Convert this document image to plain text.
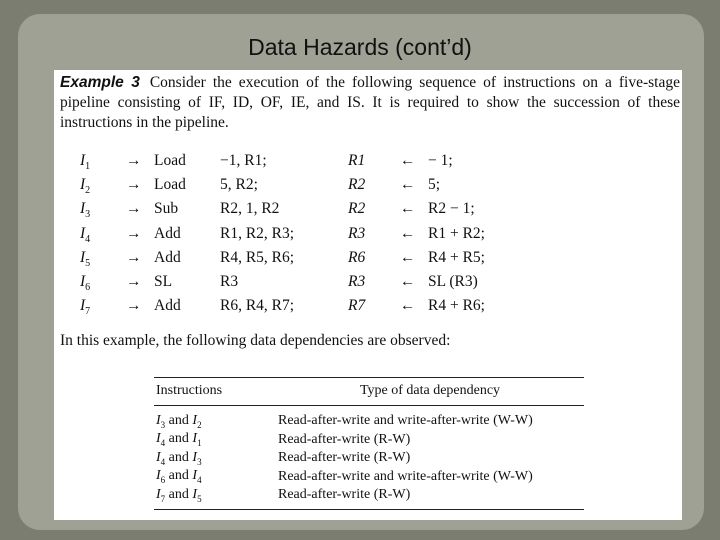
Data Hazards (cont’d)
Example 3 Consider the execution of the following sequence of instructions on a five-stage pipeline consisting of IF, ID, OF, IE, and IS. It is required to show the succession of these instructions in the pipeline.
$I_1$ → Load −1, R1;	R1 ← − 1;
$I_2$ → Load 5, R2;	R2 ← 5;
$I_3$ → Sub	R2, 1, R2	R2 ← R2 − 1;
$I_4$ → Add	R1, R2, R3;	R3 ← R1 + R2;
$I_5$ → Add	R4, R5, R6;	R6 ← R4 + R5;
$I_6$ → SL	R3	R3 ← SL (R3)
$I_7$ → Add	R6, R4, R7;	R7 ← R4 + R6;
In this example, the following data dependencies are observed:
Instructions	Type of data dependency
$I_3$ and $I_2$	Read-after-write and write-after-write (W-W)
$I_4$ and $I_1$	Read-after-write (R-W)
$I_4$ and $I_3$	Read-after-write (R-W)
$I_6$ and $I_4$	Read-after-write and write-after-write (W-W)
$I_7$ and $I_5$	Read-after-write (R-W)
